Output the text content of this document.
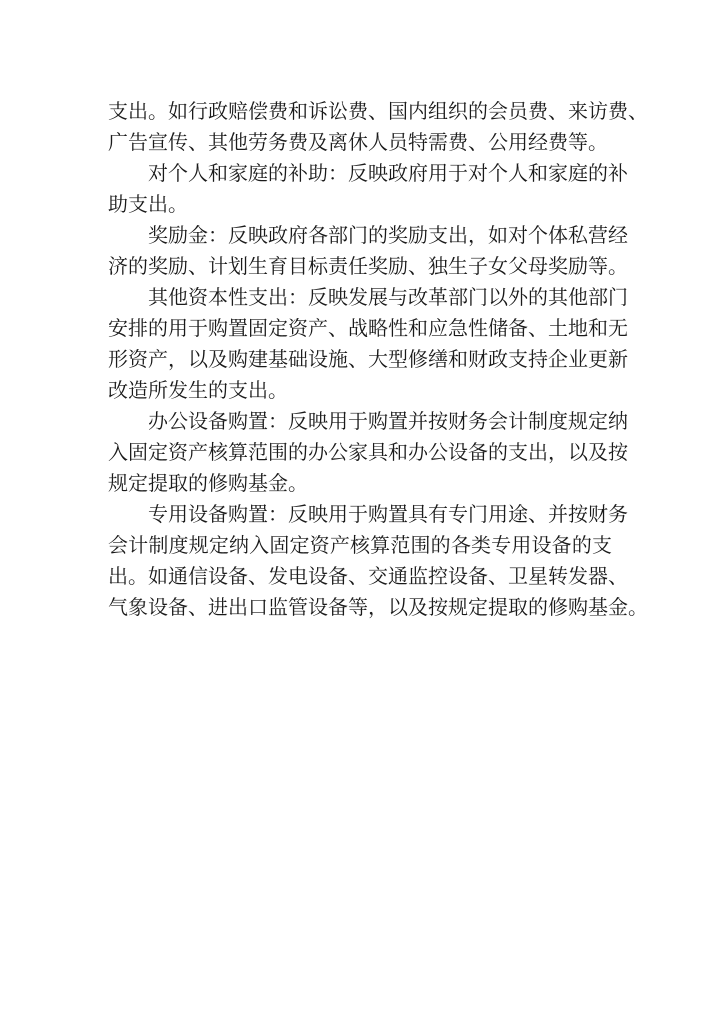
支出。如行政赔偿费和诉讼费、国内组织的会员费、来访费、
广告宣传、其他劳务费及离休人员特需费、公用经费等。
对个人和家庭的补助：反映政府用于对个人和家庭的补
助支出。
奖励金：反映政府各部门的奖励支出，如对个体私营经
济的奖励、计划生育目标责任奖励、独生子女父母奖励等。
其他资本性支出：反映发展与改革部门以外的其他部门
安排的用于购置固定资产、战略性和应急性储备、土地和无
形资产，以及购建基础设施、大型修缮和财政支持企业更新
改造所发生的支出。
办公设备购置：反映用于购置并按财务会计制度规定纳
入固定资产核算范围的办公家具和办公设备的支出，以及按
规定提取的修购基金。
专用设备购置：反映用于购置具有专门用途、并按财务
会计制度规定纳入固定资产核算范围的各类专用设备的支
出。如通信设备、发电设备、交通监控设备、卫星转发器、
气象设备、进出口监管设备等，以及按规定提取的修购基金。
